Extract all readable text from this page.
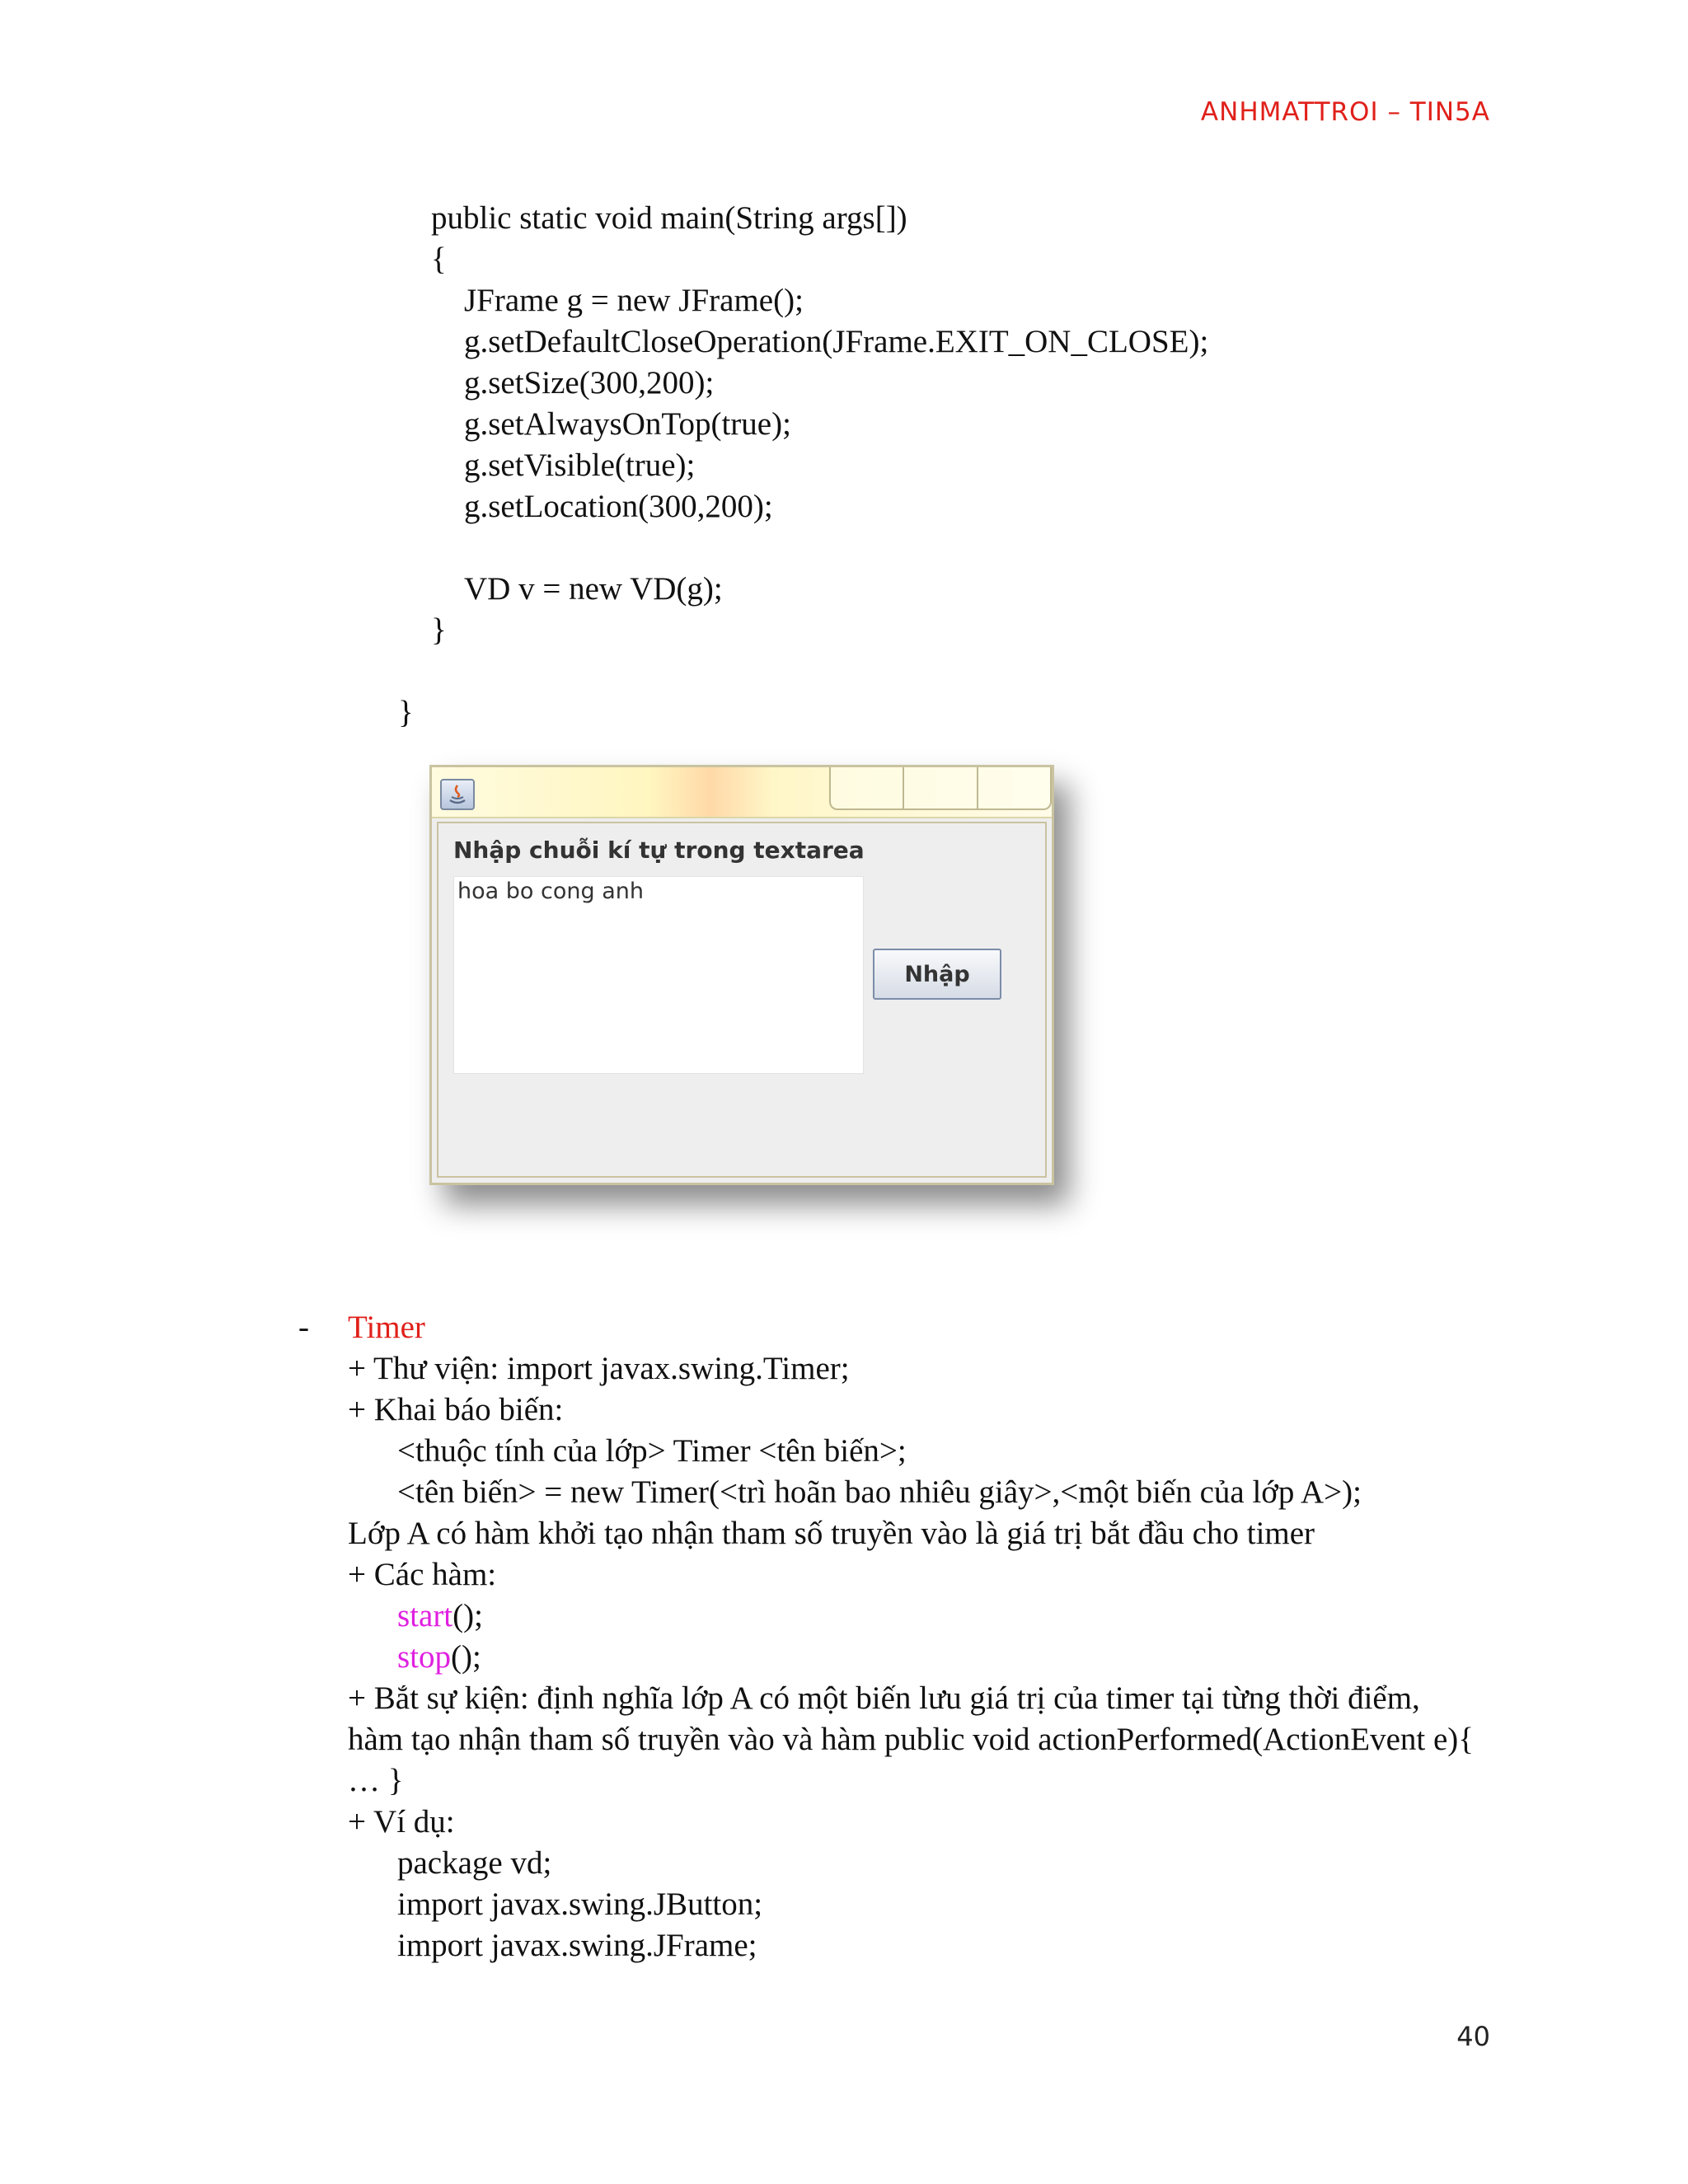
ANHMATTROI – TIN5A
public static void main(String args[])
{
JFrame g = new JFrame();
g.setDefaultCloseOperation(JFrame.EXIT_ON_CLOSE);
g.setSize(300,200);
g.setAlwaysOnTop(true);
g.setVisible(true);
g.setLocation(300,200);
VD v = new VD(g);
}
}
Nhập chuỗi kí tự trong textarea
hoa bo cong anh
Nhập
- Timer
+ Thư viện: import javax.swing.Timer;
+ Khai báo biến:
<thuộc tính của lớp> Timer <tên biến>;
<tên biến> = new Timer(<trì hoãn bao nhiêu giây>,<một biến của lớp A>);
Lớp A có hàm khởi tạo nhận tham số truyền vào là giá trị bắt đầu cho timer
+ Các hàm:
start();
stop();
+ Bắt sự kiện: định nghĩa lớp A có một biến lưu giá trị của timer tại từng thời điểm,
hàm tạo nhận tham số truyền vào và hàm public void actionPerformed(ActionEvent e){
… }
+ Ví dụ:
package vd;
import javax.swing.JButton;
import javax.swing.JFrame;
40
